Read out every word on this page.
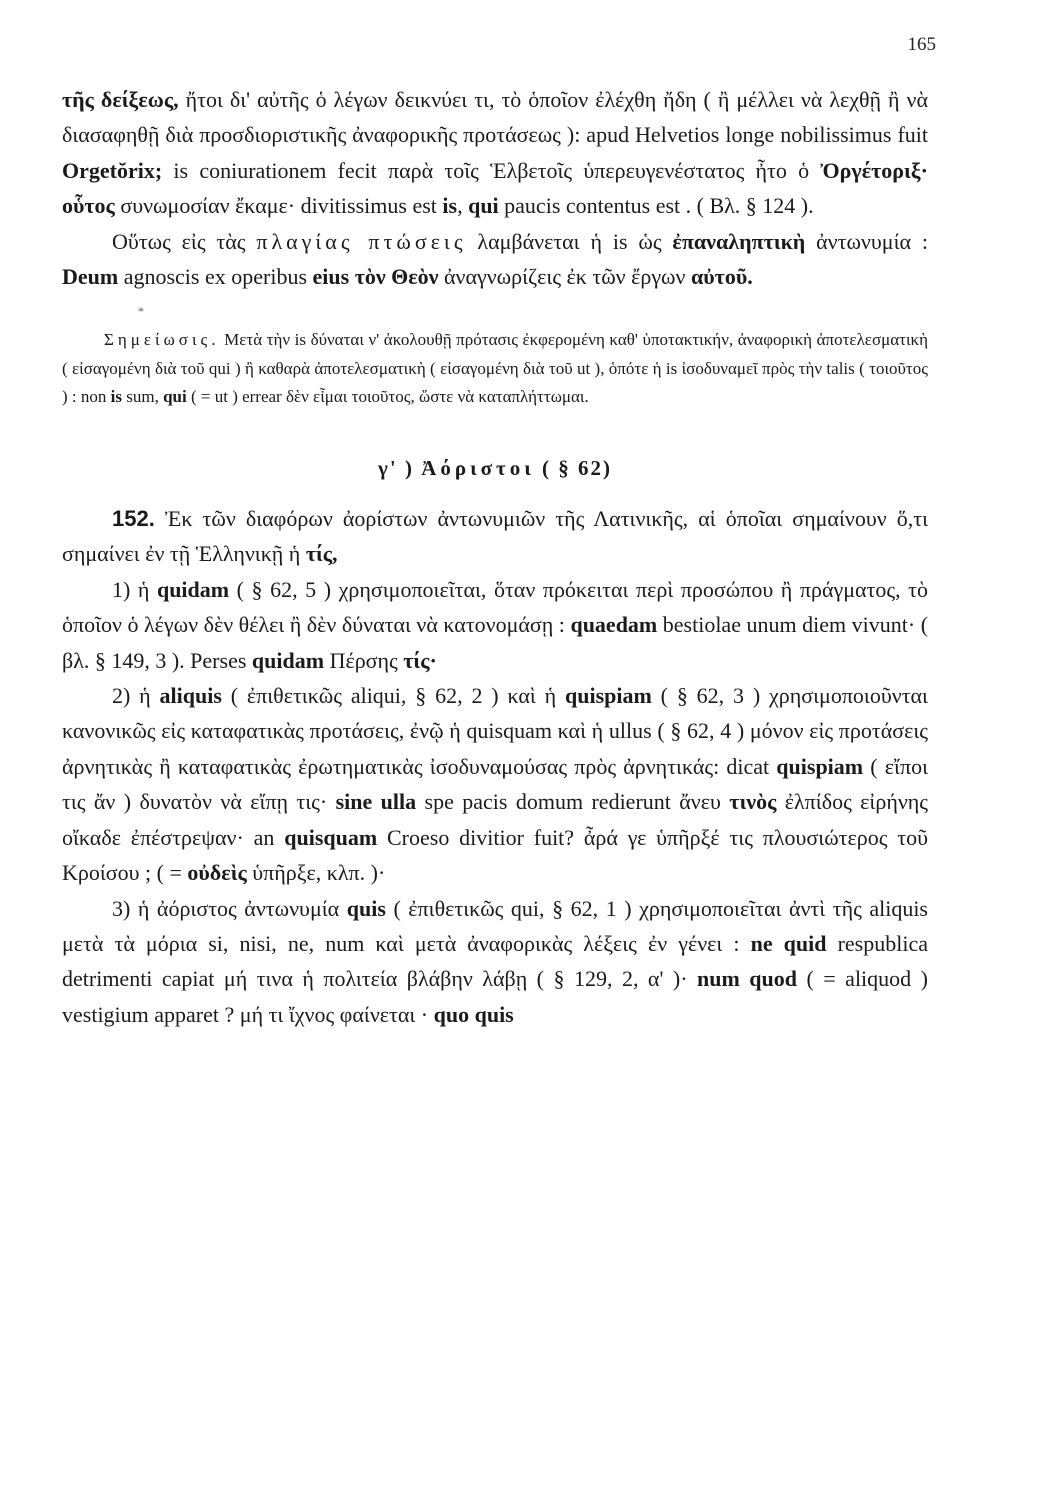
165

τῆς δείξεως, ἤτοι δι' αὐτῆς ὁ λέγων δεικνύει τι, τὸ ὁποῖον ἐλέχθη ἤδη ( ἢ μέλλει νὰ λεχθῇ ἢ νὰ διασαφηθῇ διὰ προσδιοριστικῆς ἀναφορικῆς προτάσεως ): apud Helvetios longe nobilissimus fuit Orgetŏrix; is coniurationem fecit παρὰ τοῖς Ἑλβετοῖς ὑπερευγενέστατος ἦτο ὁ Ὀργέτοριξ· οὗτος συνωμοσίαν ἔκαμε· divitissimus est is, qui paucis contentus est . ( Βλ. § 124 ).

Οὕτως εἰς τὰς πλαγίας πτώσεις λαμβάνεται ἡ is ὡς ἐπαναληπτικὴ ἀντωνυμία : Deum agnoscis ex operibus eius τὸν Θεὸν ἀναγνωρίζεις ἐκ τῶν ἔργων αὐτοῦ.

*

Σημείωσις. Μετὰ τὴν is δύναται ν' ἀκολουθῇ πρότασις ἐκφερομένη καθ' ὑποτακτικήν, ἀναφορικὴ ἀποτελεσματικὴ ( εἰσαγομένη διὰ τοῦ qui ) ἢ καθαρὰ ἀποτελεσματικὴ ( εἰσαγομένη διὰ τοῦ ut ), ὁπότε ἡ is ἰσοδυναμεῖ πρὸς τὴν talis ( τοιοῦτος ) : non is sum, qui ( = ut ) errear δὲν εἶμαι τοιοῦτος, ὥστε νὰ καταπλήττωμαι.

γ' ) Ἀόριστοι ( § 62)

152. Ἐκ τῶν διαφόρων ἀορίστων ἀντωνυμιῶν τῆς Λατινικῆς, αἱ ὁποῖαι σημαίνουν ὅ,τι σημαίνει ἐν τῇ Ἑλληνικῇ ἡ τίς,

1) ἡ quidam ( § 62, 5 ) χρησιμοποιεῖται, ὅταν πρόκειται περὶ προσώπου ἢ πράγματος, τὸ ὁποῖον ὁ λέγων δὲν θέλει ἢ δὲν δύναται νὰ κατονομάσῃ : quaedam bestiolae unum diem vivunt· ( βλ. § 149, 3 ). Perses quidam Πέρσης τίς·

2) ἡ aliquis ( ἐπιθετικῶς aliqui, § 62, 2 ) καὶ ἡ quispiam ( § 62, 3 ) χρησιμοποιοῦνται κανονικῶς εἰς καταφατικὰς προτάσεις, ἐνῷ ἡ quisquam καὶ ἡ ullus ( § 62, 4 ) μόνον εἰς προτάσεις ἀρνητικὰς ἢ καταφατικὰς ἐρωτηματικὰς ἰσοδυναμούσας πρὸς ἀρνητικάς: dicat quispiam ( εἴποι τις ἄν ) δυνατὸν νὰ εἴπῃ τις· sine ulla spe pacis domum redierunt ἄνευ τινὸς ἐλπίδος εἰρήνης οἴκαδε ἐπέστρεψαν· an quisquam Croeso divitior fuit? ἆρά γε ὑπῆρξέ τις πλουσιώτερος τοῦ Κροίσου ; ( = οὐδεὶς ὑπῆρξε, κλπ. )·

3) ἡ ἀόριστος ἀντωνυμία quis ( ἐπιθετικῶς qui, § 62, 1 ) χρησιμοποιεῖται ἀντὶ τῆς aliquis μετὰ τὰ μόρια si, nisi, ne, num καὶ μετὰ ἀναφορικὰς λέξεις ἐν γένει : ne quid respublica detrimenti capiat μή τινα ἡ πολιτεία βλάβην λάβῃ ( § 129, 2, α' )· num quod ( = aliquod ) vestigium apparet ? μή τι ἴχνος φαίνεται · quo quis
